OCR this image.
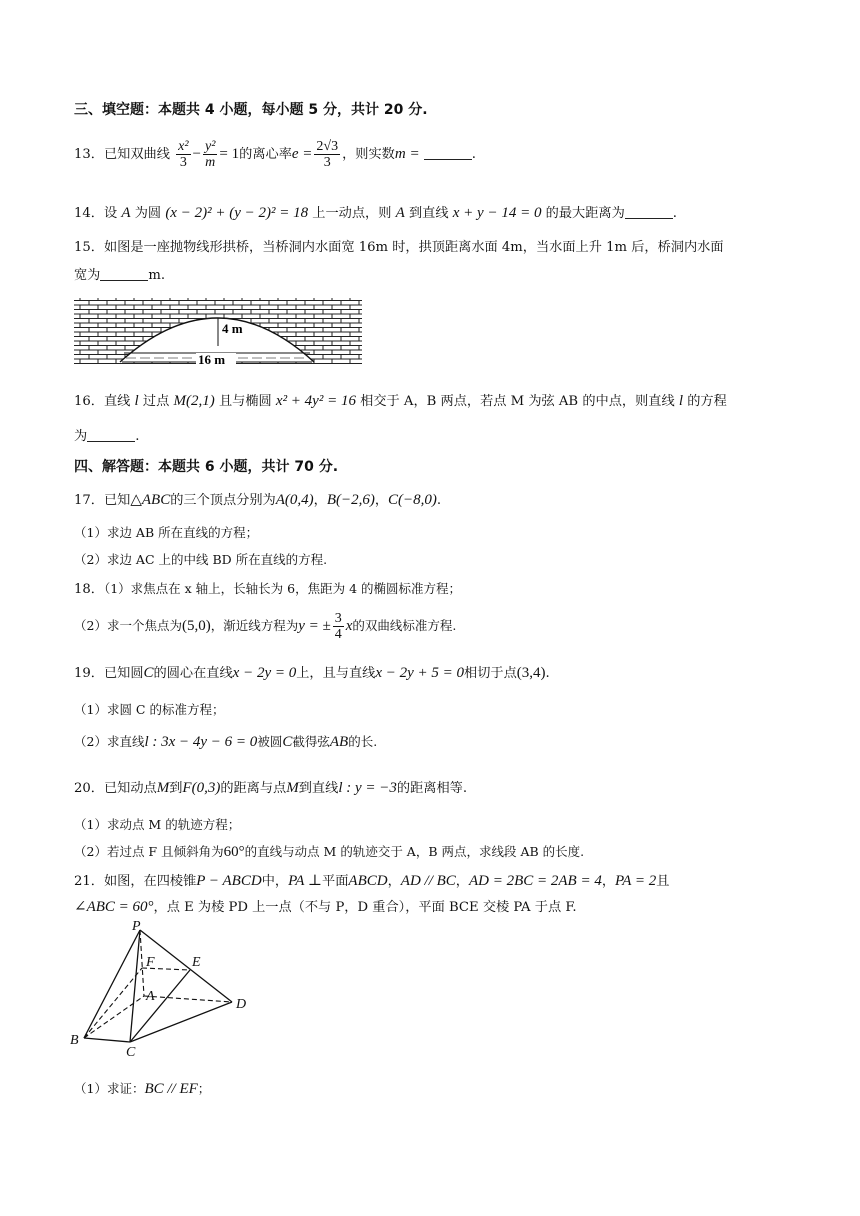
三、填空题：本题共 4 小题，每小题 5 分，共计 20 分.
13．已知双曲线 $\frac{\text{x²}}{3} - \frac{\text{y²}}{m} = 1$的离心率$e = \frac{2√3}{3}$ ，则实数m =	.
14．设 A 为圆 (x − 2)² + (y − 2)² = 18 上一动点，则 A 到直线 x + y − 14 = 0 的最大距离为	.
15．如图是一座抛物线形拱桥，当桥洞内水面宽 16m 时，拱顶距离水面 4m，当水面上升 1m 后，桥洞内水面
宽为	m.
4 m
16 m
16．直线 l 过点 M(2,1) 且与椭圆 x² + 4y² = 16 相交于 A，B 两点，若点 M 为弦 AB 的中点，则直线 l 的方程
为	.
四、解答题：本题共 6 小题，共计 70 分.
17．已知△ABC的三个顶点分别为A(0,4)，B(−2,6)，C(−8,0).
（1）求边 AB 所在直线的方程；
（2）求边 AC 上的中线 BD 所在直线的方程.
18．（1）求焦点在 x 轴上，长轴长为 6，焦距为 4 的椭圆标准方程；
（2）求一个焦点为(5,0)，渐近线方程为y = ± $\frac{3}{4}$ x的双曲线标准方程.
19．已知圆C的圆心在直线x − 2y = 0上，且与直线x − 2y + 5 = 0相切于点(3,4).
（1）求圆 C 的标准方程；
（2）求直线l : 3x − 4y − 6 = 0被圆C截得弦AB的长.
20．已知动点M到F(0,3)的距离与点M到直线l : y = −3的距离相等.
（1）求动点 M 的轨迹方程；
（2）若过点 F 且倾斜角为60°的直线与动点 M 的轨迹交于 A，B 两点，求线段 AB 的长度.
21．如图，在四棱锥P − ABCD中，PA ⊥平面ABCD，AD // BC，AD = 2BC = 2AB = 4，PA = 2且
∠ABC = 60°，点 E 为棱 PD 上一点（不与 P，D 重合），平面 BCE 交棱 PA 于点 F.
P
F	E
A
D
B
C
（1）求证：BC // EF；
